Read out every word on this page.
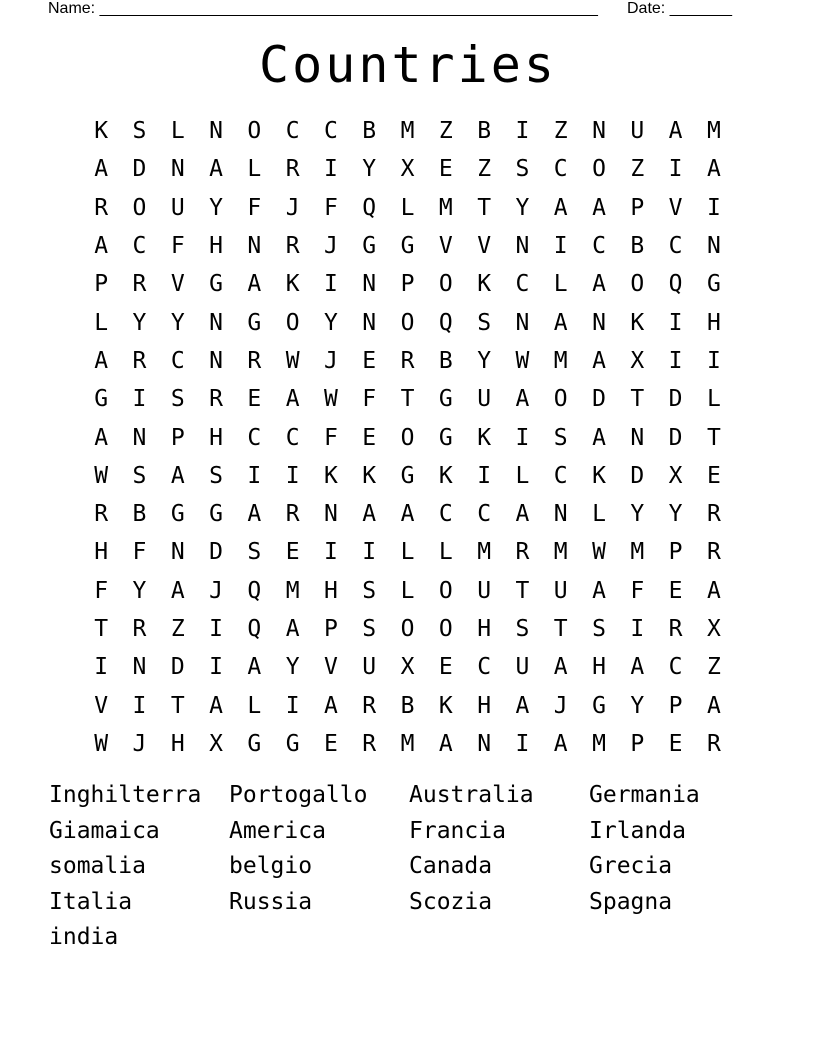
Name: ________________________________________________________ Date: _______
Countries
K	S	L	N	O	C	C	B	M	Z	B	I	Z	N	U	A	M
A	D	N	A	L	R	I	Y	X	E	Z	S	C	O	Z	I	A
R	O	U	Y	F	J	F	Q	L	M	T	Y	A	A	P	V	I
A	C	F	H	N	R	J	G	G	V	V	N	I	C	B	C	N
P	R	V	G	A	K	I	N	P	O	K	C	L	A	O	Q	G
L	Y	Y	N	G	O	Y	N	O	Q	S	N	A	N	K	I	H
A	R	C	N	R	W	J	E	R	B	Y	W	M	A	X	I	I
G	I	S	R	E	A	W	F	T	G	U	A	O	D	T	D	L
A	N	P	H	C	C	F	E	O	G	K	I	S	A	N	D	T
W	S	A	S	I	I	K	K	G	K	I	L	C	K	D	X	E
R	B	G	G	A	R	N	A	A	C	C	A	N	L	Y	Y	R
H	F	N	D	S	E	I	I	L	L	M	R	M	W	M	P	R
F	Y	A	J	Q	M	H	S	L	O	U	T	U	A	F	E	A
T	R	Z	I	Q	A	P	S	O	O	H	S	T	S	I	R	X
I	N	D	I	A	Y	V	U	X	E	C	U	A	H	A	C	Z
V	I	T	A	L	I	A	R	B	K	H	A	J	G	Y	P	A
W	J	H	X	G	G	E	R	M	A	N	I	A	M	P	E	R
Inghilterra	Portogallo	Australia	Germania
Giamaica	America	Francia	Irlanda
somalia	belgio	Canada	Grecia
Italia	Russia	Scozia	Spagna
india
